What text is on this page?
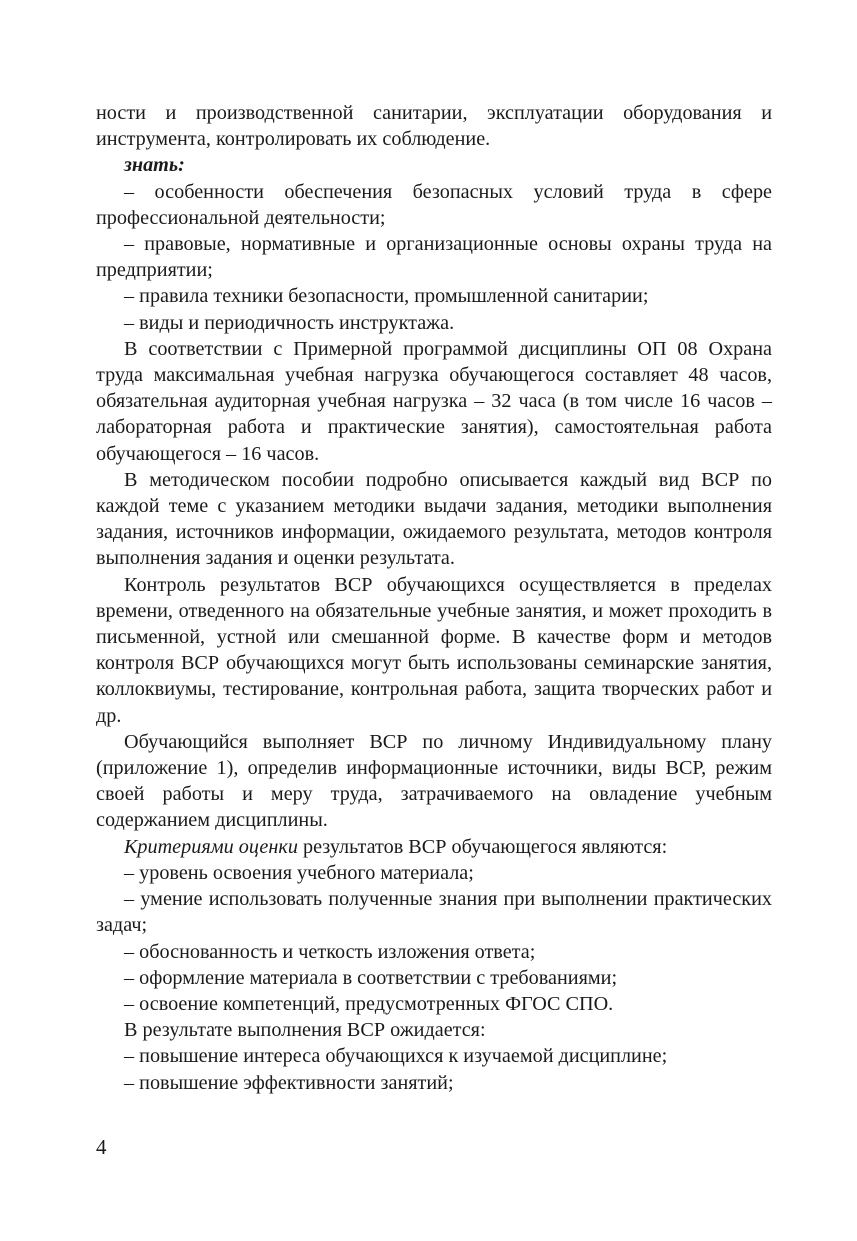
ности и производственной санитарии, эксплуатации оборудования и инструмента, контролировать их соблюдение.

знать:

– особенности обеспечения безопасных условий труда в сфере профессиональной деятельности;

– правовые, нормативные и организационные основы охраны труда на предприятии;

– правила техники безопасности, промышленной санитарии;

– виды и периодичность инструктажа.

В соответствии с Примерной программой дисциплины ОП 08 Охрана труда максимальная учебная нагрузка обучающегося составляет 48 часов, обязательная аудиторная учебная нагрузка – 32 часа (в том числе 16 часов – лабораторная работа и практические занятия), самостоятельная работа обучающегося – 16 часов.

В методическом пособии подробно описывается каждый вид ВСР по каждой теме с указанием методики выдачи задания, методики выполнения задания, источников информации, ожидаемого результата, методов контроля выполнения задания и оценки результата.

Контроль результатов ВСР обучающихся осуществляется в пределах времени, отведенного на обязательные учебные занятия, и может проходить в письменной, устной или смешанной форме. В качестве форм и методов контроля ВСР обучающихся могут быть использованы семинарские занятия, коллоквиумы, тестирование, контрольная работа, защита творческих работ и др.

Обучающийся выполняет ВСР по личному Индивидуальному плану (приложение 1), определив информационные источники, виды ВСР, режим своей работы и меру труда, затрачиваемого на овладение учебным содержанием дисциплины.

Критериями оценки результатов ВСР обучающегося являются:

– уровень освоения учебного материала;

– умение использовать полученные знания при выполнении практических задач;

– обоснованность и четкость изложения ответа;

– оформление материала в соответствии с требованиями;

– освоение компетенций, предусмотренных ФГОС СПО.

В результате выполнения ВСР ожидается:

– повышение интереса обучающихся к изучаемой дисциплине;

– повышение эффективности занятий;

4
